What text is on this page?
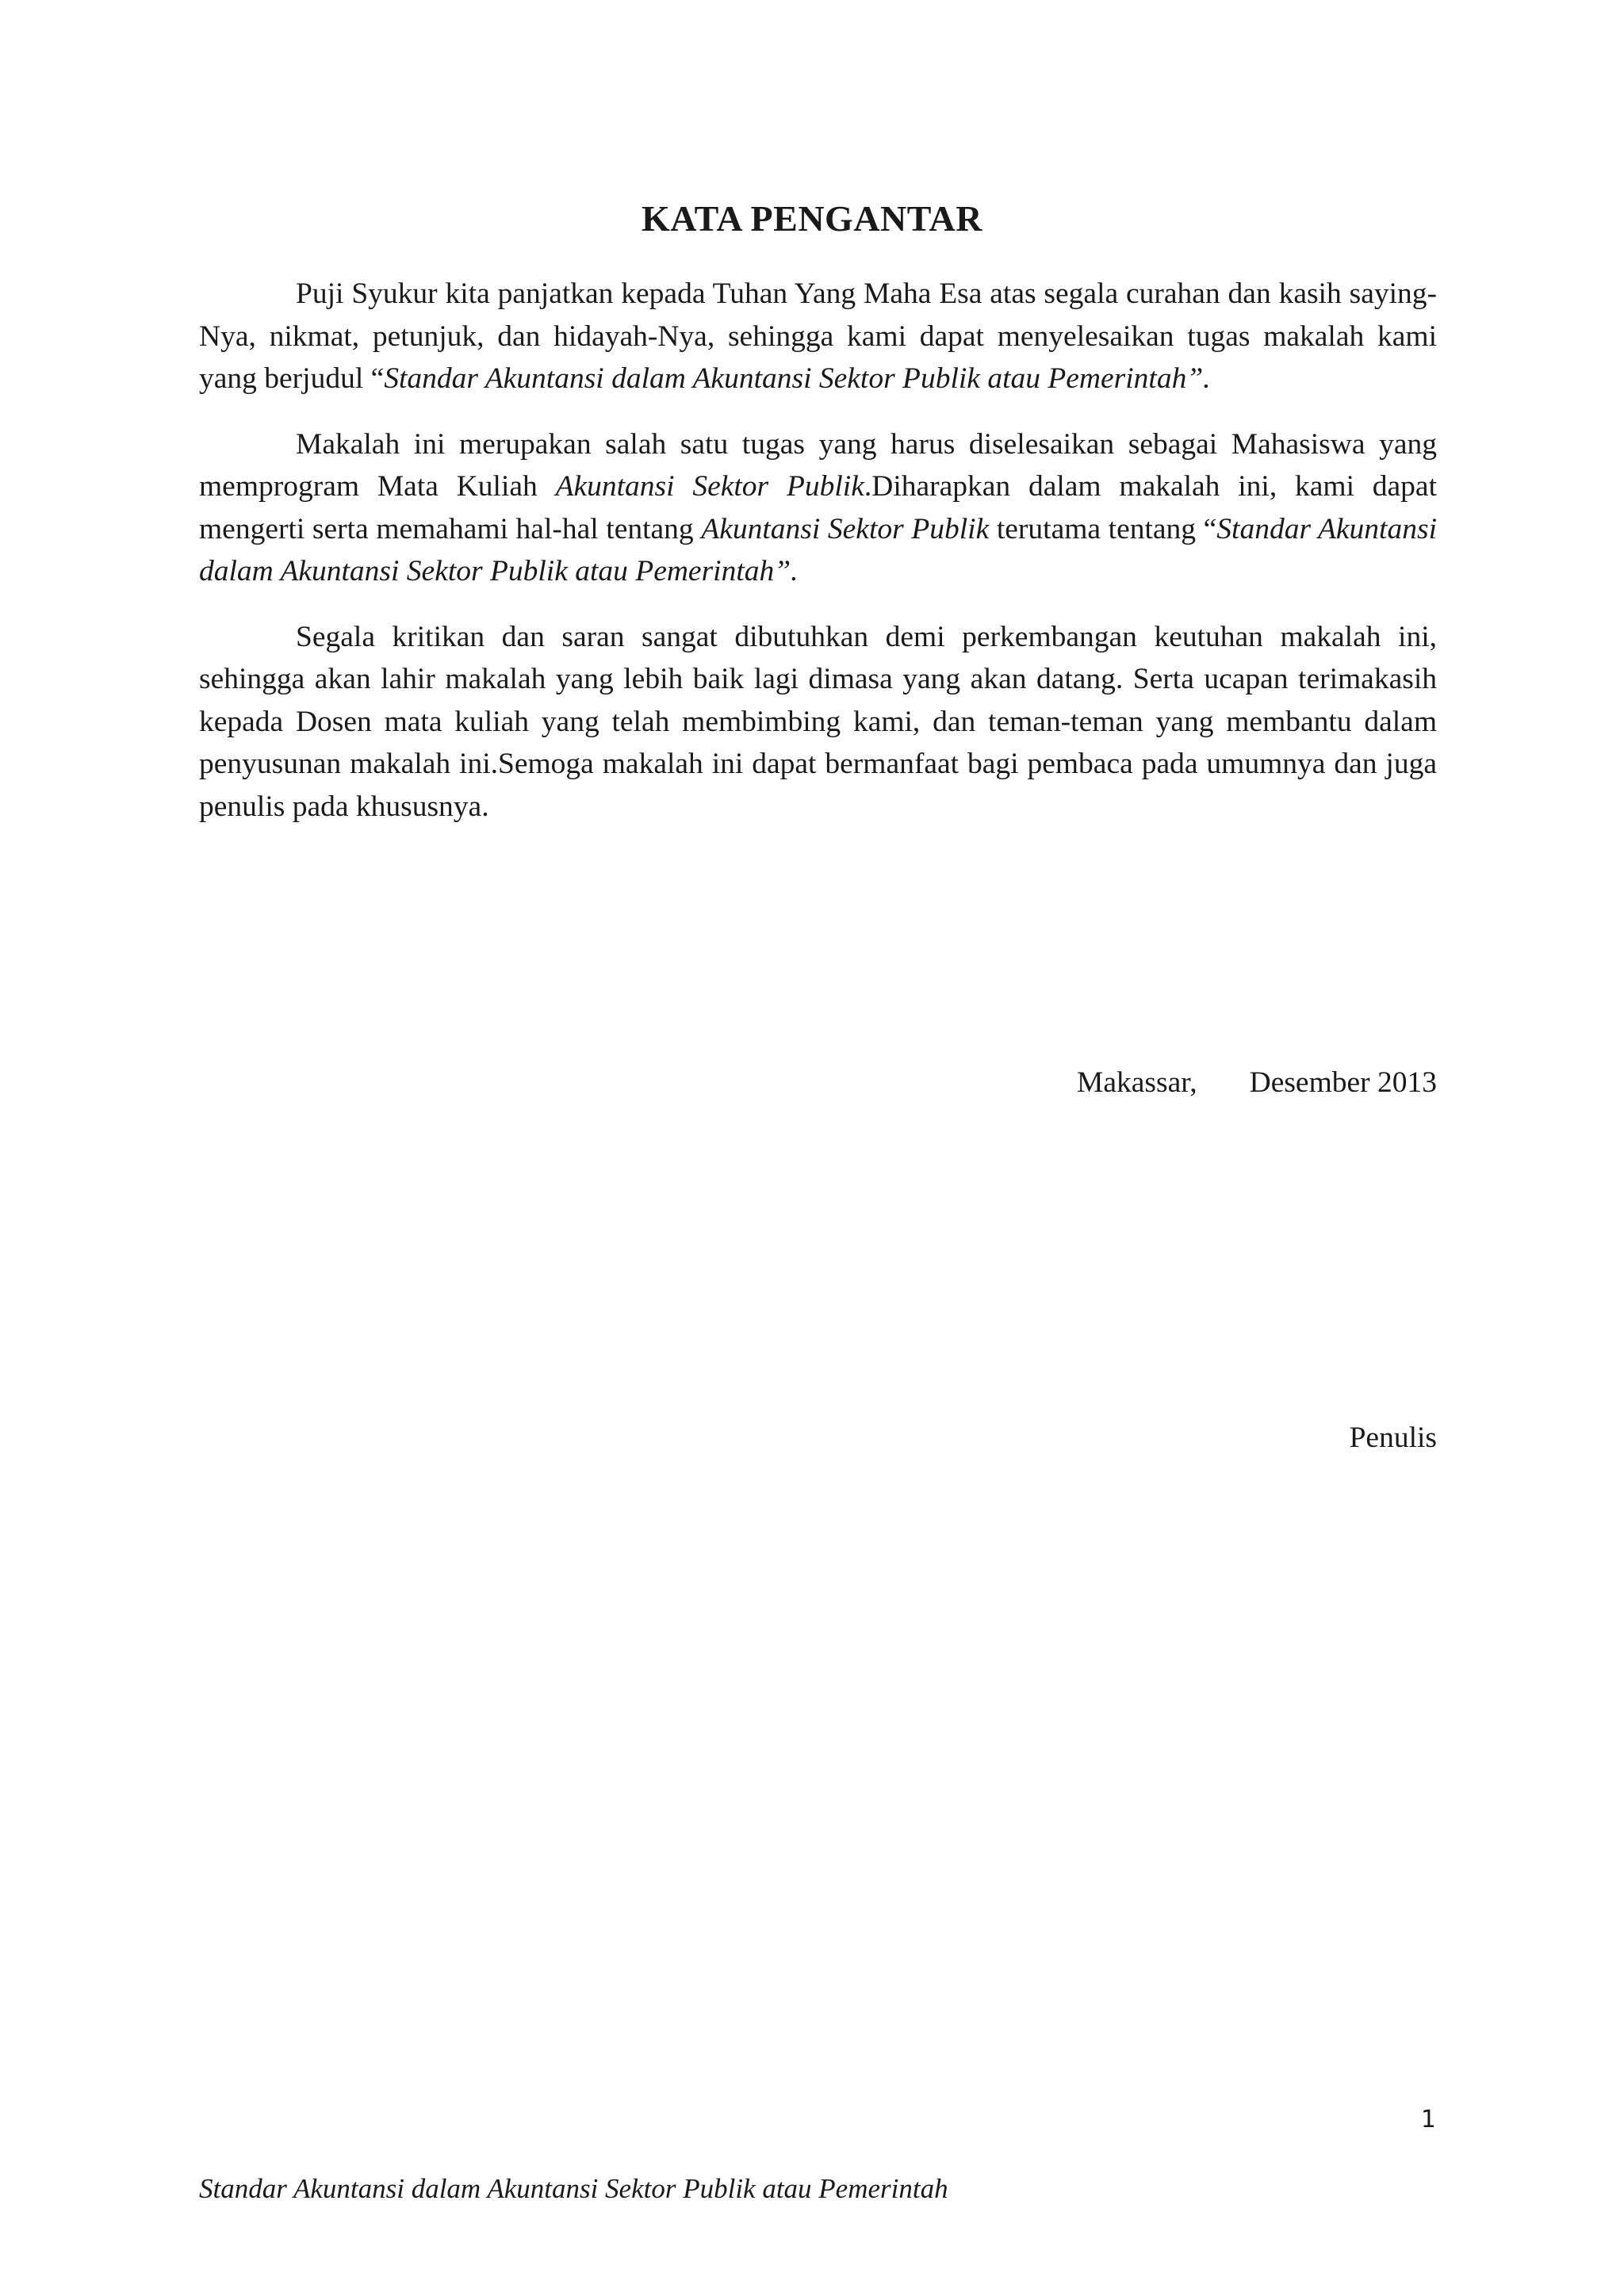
KATA PENGANTAR

Puji Syukur kita panjatkan kepada Tuhan Yang Maha Esa atas segala curahan dan kasih saying-Nya, nikmat, petunjuk, dan hidayah-Nya, sehingga kami dapat menyelesaikan tugas makalah kami yang berjudul “Standar Akuntansi dalam Akuntansi Sektor Publik atau Pemerintah”.

Makalah ini merupakan salah satu tugas yang harus diselesaikan sebagai Mahasiswa yang memprogram Mata Kuliah Akuntansi Sektor Publik.Diharapkan dalam makalah ini, kami dapat mengerti serta memahami hal-hal tentang Akuntansi Sektor Publik terutama tentang “Standar Akuntansi dalam Akuntansi Sektor Publik atau Pemerintah”.

Segala kritikan dan saran sangat dibutuhkan demi perkembangan keutuhan makalah ini, sehingga akan lahir makalah yang lebih baik lagi dimasa yang akan datang. Serta ucapan terimakasih kepada Dosen mata kuliah yang telah membimbing kami, dan teman-teman yang membantu dalam penyusunan makalah ini.Semoga makalah ini dapat bermanfaat bagi pembaca pada umumnya dan juga penulis pada khususnya.

Makassar, Desember 2013
Penulis
1
Standar Akuntansi dalam Akuntansi Sektor Publik atau Pemerintah
